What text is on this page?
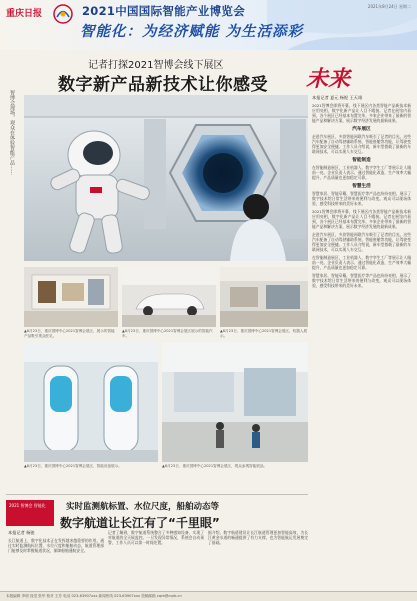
重庆日报	2021中国国际智能产业博览会
智能化：为经济赋能 为生活添彩
2021年8月24日 星期二
记者打探2021智博会线下展区
数字新产品新技术让你感受 未来
智博会现场，观众在体验智能产品……
▲8月23日，重庆国博中心2021智博会展区，展示的智能产品吸引观众驻足。
▲8月23日，重庆国博中心2021智博会展区展示的智能汽车。
▲8月23日，重庆国博中心2021智博会展区，机器人展示。
▲8月23日，重庆国博中心2021智博会展区，智能设备展示。	▲8月23日，重庆国博中心2021智博会展区，观众参观智能展品。
本报记者 夏元 杨铌 王天翊
2021智博会即将开幕，线下展区内各类智能产品新技术新应用亮相，数字化新产品让人目不暇接。记者在展馆内看到，各个展区已经基本布置完毕，多家企业带来了最新的智能产品和解决方案，展示数字经济发展的最新成果。
汽车展区
走进汽车展区，多款智能网联汽车吸引了记者的目光。这些汽车配备了自动驾驶辅助系统、智能座舱等功能，让驾驶变得更加安全便捷。工作人员介绍说，新车型搭载了最新的车联网技术，可以实现人车交互。
智能制造
在智能制造展区，工业机器人、数字孪生工厂等展示让人眼前一亮。企业负责人表示，通过智能化改造，生产效率大幅提升，产品质量也更加稳定可靠。
智慧生活
智慧家居、智能穿戴、智慧医疗等产品也纷纷亮相，展示了数字技术给日常生活带来的便利与改变。观众可以现场体验，感受科技带来的美好未来。
2021智博会即将开幕，线下展区内各类智能产品新技术新应用亮相，数字化新产品让人目不暇接。记者在展馆内看到，各个展区已经基本布置完毕，多家企业带来了最新的智能产品和解决方案，展示数字经济发展的最新成果。
走进汽车展区，多款智能网联汽车吸引了记者的目光。这些汽车配备了自动驾驶辅助系统、智能座舱等功能，让驾驶变得更加安全便捷。工作人员介绍说，新车型搭载了最新的车联网技术，可以实现人车交互。
在智能制造展区，工业机器人、数字孪生工厂等展示让人眼前一亮。企业负责人表示，通过智能化改造，生产效率大幅提升，产品质量也更加稳定可靠。
智慧家居、智能穿戴、智慧医疗等产品也纷纷亮相，展示了数字技术给日常生活带来的便利与改变。观众可以现场体验，感受科技带来的美好未来。
2021 智博会 智能化 实时监测航标置、水位尺度，船舶动态等
数字航道让长江有了“千里眼”
本报记者 杨骏
长江航道上，数字化技术正在发挥越来越重要的作用。通过实时监测航标位置、水位尺度和船舶动态，航道管理部门能够及时掌握航道状况，保障船舶通航安全。
记者了解到，数字航道系统整合了多种感知设备，实现了对航道的全天候监控。一旦发现异常情况，系统会自动预警，工作人员可以第一时间处置。
据介绍，数字航道建设让长江航道管理更加智能高效，为长江黄金水道的畅通提供了有力支撑，也为智能航运发展奠定了基础。
本版编辑 李明 视觉 张华 校对 王芳 电话 023-63907xxx 新闻热线 023-63907xxx 投稿邮箱 cqrb@cqrb.cn
